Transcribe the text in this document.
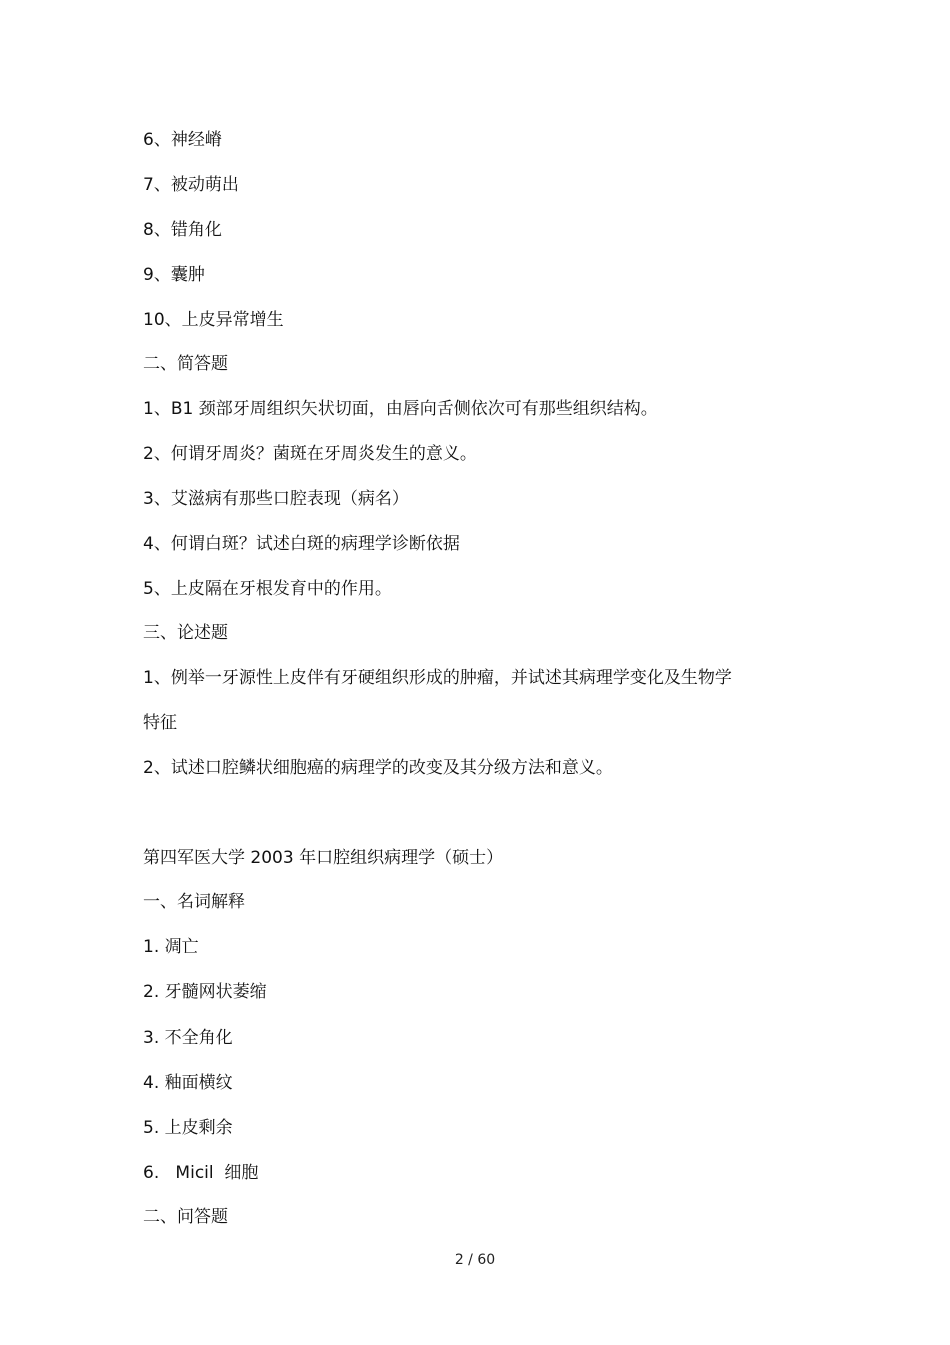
6、神经嵴
7、被动萌出
8、错角化
9、囊肿
10、上皮异常增生
二、简答题
1、B1 颈部牙周组织矢状切面，由唇向舌侧依次可有那些组织结构。
2、何谓牙周炎？菌斑在牙周炎发生的意义。
3、艾滋病有那些口腔表现（病名）
4、何谓白斑？试述白斑的病理学诊断依据
5、上皮隔在牙根发育中的作用。
三、论述题
1、例举一牙源性上皮伴有牙硬组织形成的肿瘤，并试述其病理学变化及生物学
特征
2、试述口腔鳞状细胞癌的病理学的改变及其分级方法和意义。
第四军医大学 2003 年口腔组织病理学（硕士）
一、名词解释
1. 凋亡
2. 牙髓网状萎缩
3. 不全角化
4. 釉面横纹
5. 上皮剩余
6.   Micil  细胞
二、问答题
2 / 60
